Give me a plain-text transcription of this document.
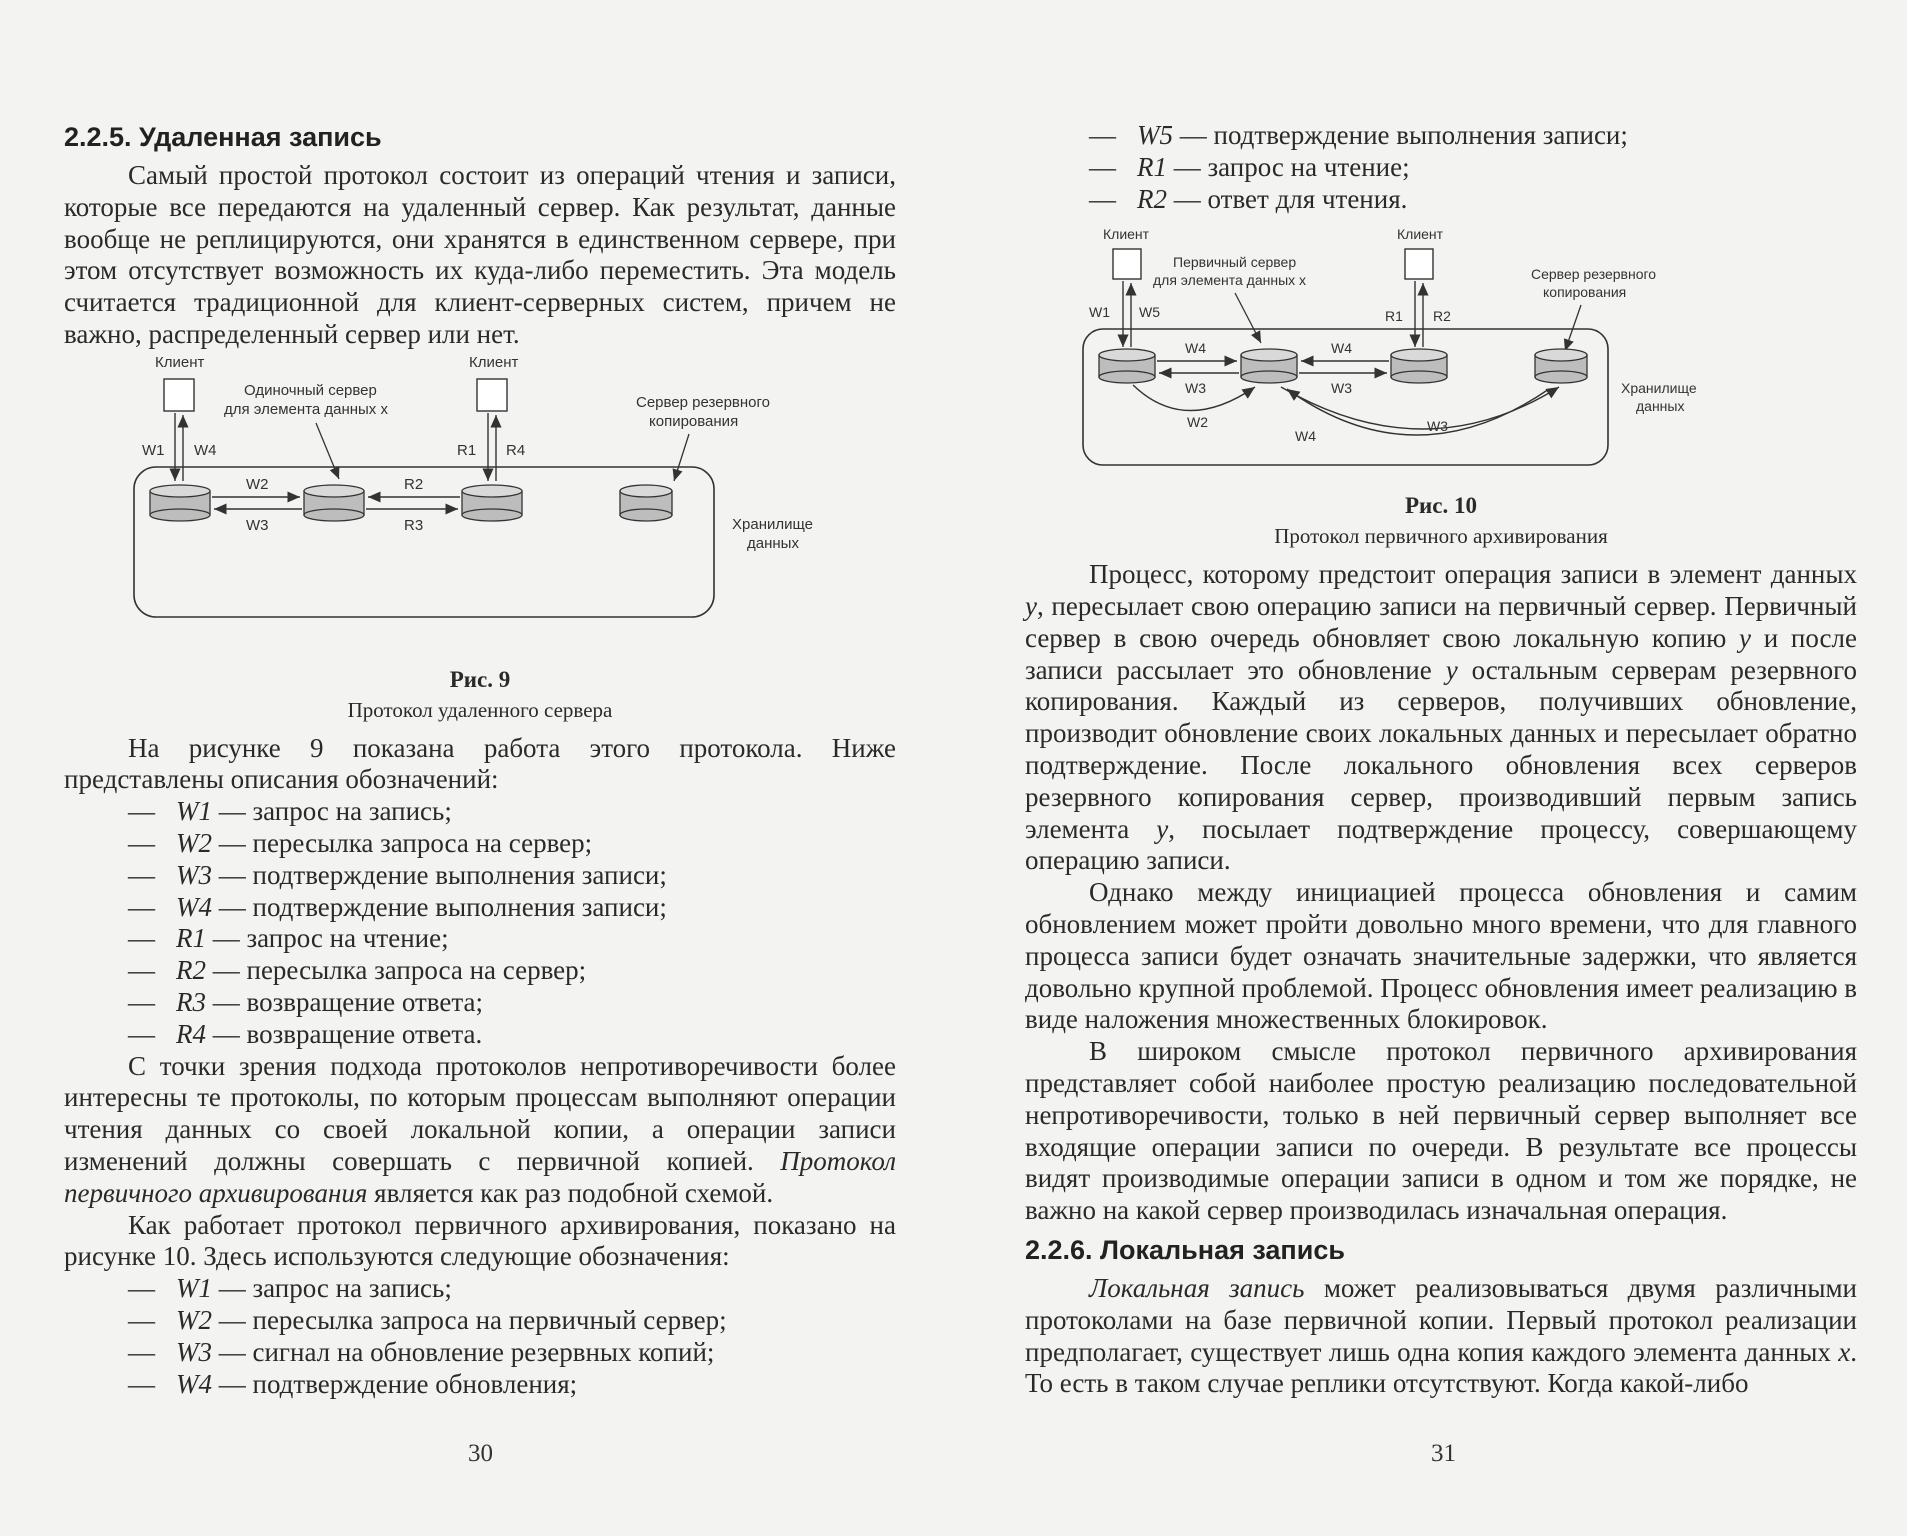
2.2.5. Удаленная запись

Самый простой протокол состоит из операций чтения и записи, которые все передаются на удаленный сервер. Как результат, данные вообще не реплицируются, они хранятся в единственном сервере, при этом отсутствует возможность их куда-либо переместить. Эта модель считается традиционной для клиент-серверных систем, причем не важно, распределенный сервер или нет.

Клиент	Клиент
Одиночный сервер
для элемента данных x	Сервер резервного
копирования
W1 W4	R1 R4
W2
W3
R2
R3	Хранилище
данных
Рис. 9
Протокол удаленного сервера

На рисунке 9 показана работа этого протокола. Ниже представлены описания обозначений:

— W1 — запрос на запись;
— W2 — пересылка запроса на сервер;
— W3 — подтверждение выполнения записи;
— W4 — подтверждение выполнения записи;
— R1 — запрос на чтение;
— R2 — пересылка запроса на сервер;
— R3 — возвращение ответа;
— R4 — возвращение ответа.

С точки зрения подхода протоколов непротиворечивости более интересны те протоколы, по которым процессам выполняют операции чтения данных со своей локальной копии, а операции записи изменений должны совершать с первичной копией. Протокол первичного архивирования является как раз подобной схемой.

Как работает протокол первичного архивирования, показано на рисунке 10. Здесь используются следующие обозначения:

— W1 — запрос на запись;
— W2 — пересылка запроса на первичный сервер;
— W3 — сигнал на обновление резервных копий;
— W4 — подтверждение обновления;
30
— W5 — подтверждение выполнения записи;
— R1 — запрос на чтение;
— R2 — ответ для чтения.
Клиент	Клиент
Первичный сервер
для элемента данных x	Сервер резервного
копирования
W1 W5	R1 R2
W4
W3
W4
W3
W2
W4
W3
Хранилище
данных
Рис. 10
Протокол первичного архивирования

Процесс, которому предстоит операция записи в элемент данных y, пересылает свою операцию записи на первичный сервер. Первичный сервер в свою очередь обновляет свою локальную копию y и после записи рассылает это обновление y остальным серверам резервного копирования. Каждый из серверов, получивших обновление, производит обновление своих локальных данных и пересылает обратно подтверждение. После локального обновления всех серверов резервного копирования сервер, производивший первым запись элемента y, посылает подтверждение процессу, совершающему операцию записи.

Однако между инициацией процесса обновления и самим обновлением может пройти довольно много времени, что для главного процесса записи будет означать значительные задержки, что является довольно крупной проблемой. Процесс обновления имеет реализацию в виде наложения множественных блокировок.

В широком смысле протокол первичного архивирования представляет собой наиболее простую реализацию последовательной непротиворечивости, только в ней первичный сервер выполняет все входящие операции записи по очереди. В результате все процессы видят производимые операции записи в одном и том же порядке, не важно на какой сервер производилась изначальная операция.

2.2.6. Локальная запись

Локальная запись может реализовываться двумя различными протоколами на базе первичной копии. Первый протокол реализации предполагает, существует лишь одна копия каждого элемента данных x. То есть в таком случае реплики отсутствуют. Когда какой-либо

31
